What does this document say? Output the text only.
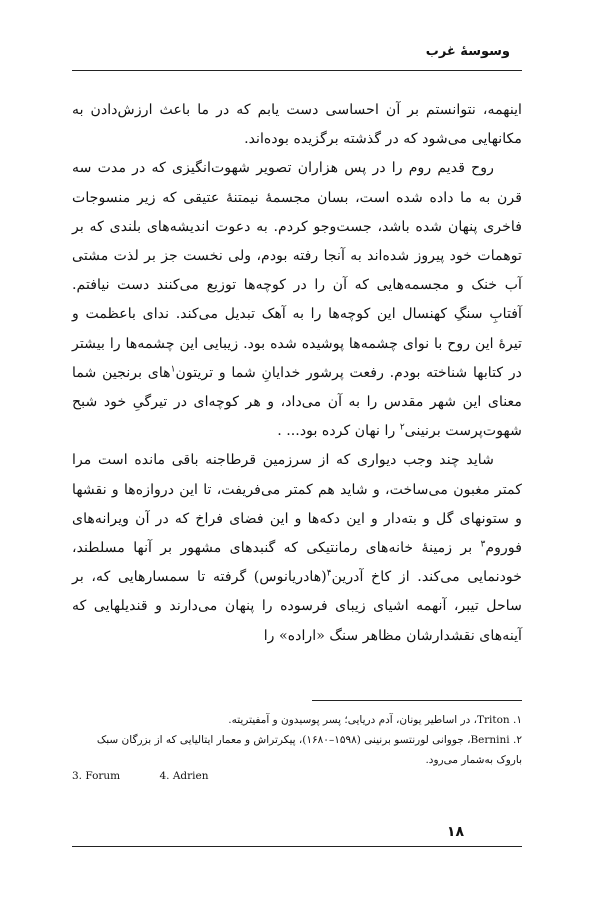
وسوسهٔ غرب

اینهمه، نتوانستم بر آن احساسی دست یابم که در ما باعث ارزش‌دادن به مکانهایی می‌شود که در گذشته برگزیده بوده‌اند.

روح قدیم روم را در پس هزاران تصویر شهوت‌انگیزی که در مدت سه قرن به ما داده شده است، بسان مجسمهٔ نیمتنهٔ عتیقی که زیر منسوجات فاخری پنهان شده باشد، جست‌وجو کردم. به دعوت اندیشه‌های بلندی که بر توهمات خود پیروز شده‌اند به آنجا رفته بودم، ولی نخست جز بر لذت مشتی آب خنک و مجسمه‌هایی که آن را در کوچه‌ها توزیع می‌کنند دست نیافتم. آفتابِ سنگِ کهنسال این کوچه‌ها را به آهک تبدیل می‌کند. ندای باعظمت و تیرهٔ این روح با نوای چشمه‌ها پوشیده شده بود. زیبایی این چشمه‌ها را بیشتر در کتابها شناخته بودم. رفعت پرشور خدایانِ شما و تریتون$^۱$های برنجین شما معنای این شهر مقدس را به آن می‌داد، و هر کوچه‌ای در تیرگیِ خود شبح شهوت‌پرست برنینی$^۲$ را نهان کرده بود... .

شاید چند وجب دیواری که از سرزمین قرطاجنه باقی مانده است مرا کمتر مغبون می‌ساخت، و شاید هم کمتر می‌فریفت، تا این دروازه‌ها و نقشها و ستونهای گل و بته‌دار و این دکه‌ها و این فضای فراخ که در آن ویرانه‌های فوروم$^۳$ بر زمینهٔ خانه‌های رمانتیکی که گنبدهای مشهور بر آنها مسلطند، خودنمایی می‌کند. از کاخ آدرین$^۴$(هادریانوس) گرفته تا سمسارهایی که، بر ساحل تیبر، آنهمه اشیای زیبای فرسوده را پنهان می‌دارند و قندیلهایی که آینه‌های نقشدارشان مظاهر سنگ «اراده» را

۱. Triton، در اساطیر یونان، آدم دریایی؛ پسر پوسیدون و آمفیتریته.

۲. Bernini، جووانی لورنتسو برنینی (۱۵۹۸–۱۶۸۰)، پیکرتراش و معمار ایتالیایی که از بزرگان سبک باروک به‌شمار می‌رود.

3. Forum	4. Adrien
۱۸
